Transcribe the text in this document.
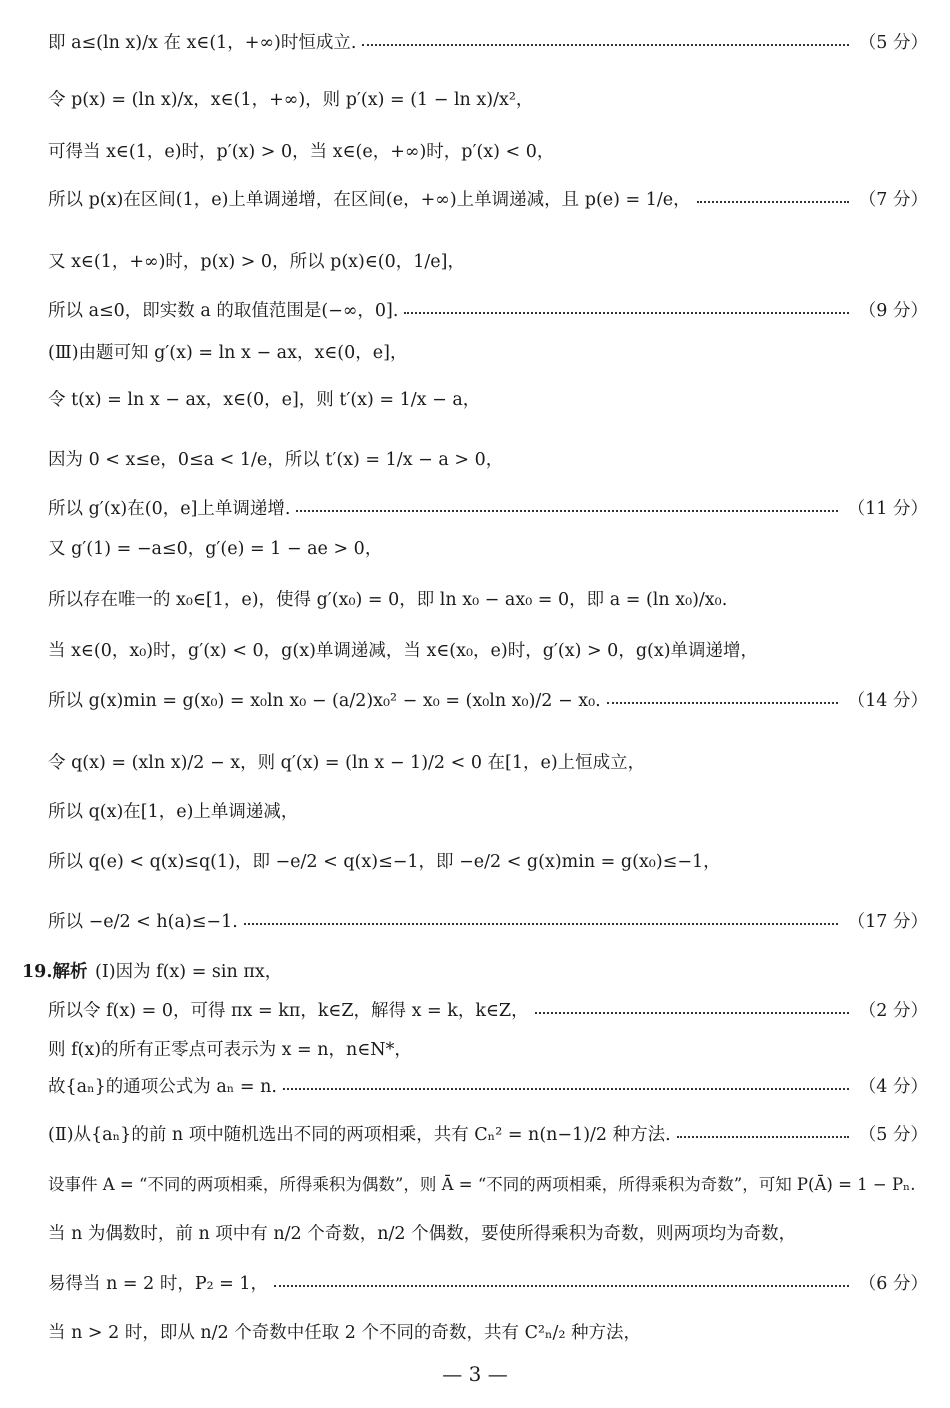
即 a≤(ln x)/x 在 x∈(1，+∞)时恒成立.	（5 分）
令 p(x) = (ln x)/x，x∈(1，+∞)，则 p′(x) = (1 − ln x)/x²，
可得当 x∈(1，e)时，p′(x) > 0，当 x∈(e，+∞)时，p′(x) < 0，
所以 p(x)在区间(1，e)上单调递增，在区间(e，+∞)上单调递减，且 p(e) = 1/e，	（7 分）
又 x∈(1，+∞)时，p(x) > 0，所以 p(x)∈(0，1/e]，
所以 a≤0，即实数 a 的取值范围是(−∞，0].	（9 分）
(Ⅲ)由题可知 g′(x) = ln x − ax，x∈(0，e]，
令 t(x) = ln x − ax，x∈(0，e]，则 t′(x) = 1/x − a，
因为 0 < x≤e，0≤a < 1/e，所以 t′(x) = 1/x − a > 0，
所以 g′(x)在(0，e]上单调递增.	（11 分）
又 g′(1) = −a≤0，g′(e) = 1 − ae > 0，
所以存在唯一的 x₀∈[1，e)，使得 g′(x₀) = 0，即 ln x₀ − ax₀ = 0，即 a = (ln x₀)/x₀.
当 x∈(0，x₀)时，g′(x) < 0，g(x)单调递减，当 x∈(x₀，e)时，g′(x) > 0，g(x)单调递增，
所以 g(x)min = g(x₀) = x₀ln x₀ − (a/2)x₀² − x₀ = (x₀ln x₀)/2 − x₀.	（14 分）
令 q(x) = (xln x)/2 − x，则 q′(x) = (ln x − 1)/2 < 0 在[1，e)上恒成立，
所以 q(x)在[1，e)上单调递减，
所以 q(e) < q(x)≤q(1)，即 −e/2 < q(x)≤−1，即 −e/2 < g(x)min = g(x₀)≤−1，
所以 −e/2 < h(a)≤−1.	（17 分）
19.解析 (Ⅰ)因为 f(x) = sin πx，
所以令 f(x) = 0，可得 πx = kπ，k∈Z，解得 x = k，k∈Z，	（2 分）
则 f(x)的所有正零点可表示为 x = n，n∈N*，
故{aₙ}的通项公式为 aₙ = n.	（4 分）
(Ⅱ)从{aₙ}的前 n 项中随机选出不同的两项相乘，共有 Cₙ² = n(n−1)/2 种方法.	（5 分）
设事件 A = “不同的两项相乘，所得乘积为偶数”，则 Ā = “不同的两项相乘，所得乘积为奇数”，可知 P(Ā) = 1 − Pₙ.
当 n 为偶数时，前 n 项中有 n/2 个奇数，n/2 个偶数，要使所得乘积为奇数，则两项均为奇数，
易得当 n = 2 时，P₂ = 1，	（6 分）
当 n > 2 时，即从 n/2 个奇数中任取 2 个不同的奇数，共有 C²ₙ/₂ 种方法，
— 3 —
